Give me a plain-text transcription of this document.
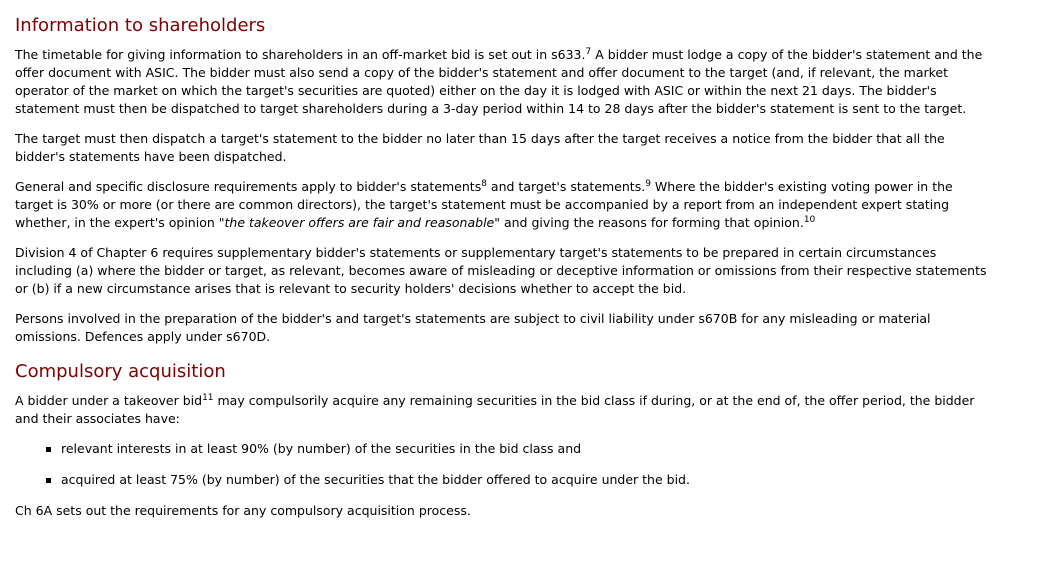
Information to shareholders

The timetable for giving information to shareholders in an off-market bid is set out in s633.$^7$ A bidder must lodge a copy of the bidder's statement and the offer document with ASIC. The bidder must also send a copy of the bidder's statement and offer document to the target (and, if relevant, the market operator of the market on which the target's securities are quoted) either on the day it is lodged with ASIC or within the next 21 days. The bidder's statement must then be dispatched to target shareholders during a 3-day period within 14 to 28 days after the bidder's statement is sent to the target.

The target must then dispatch a target's statement to the bidder no later than 15 days after the target receives a notice from the bidder that all the bidder's statements have been dispatched.

General and specific disclosure requirements apply to bidder's statements$^8$ and target's statements.$^9$ Where the bidder's existing voting power in the target is 30% or more (or there are common directors), the target's statement must be accompanied by a report from an independent expert stating whether, in the expert's opinion "the takeover offers are fair and reasonable" and giving the reasons for forming that opinion.$^{10}$

Division 4 of Chapter 6 requires supplementary bidder's statements or supplementary target's statements to be prepared in certain circumstances including (a) where the bidder or target, as relevant, becomes aware of misleading or deceptive information or omissions from their respective statements or (b) if a new circumstance arises that is relevant to security holders' decisions whether to accept the bid.

Persons involved in the preparation of the bidder's and target's statements are subject to civil liability under s670B for any misleading or material omissions. Defences apply under s670D.

Compulsory acquisition

A bidder under a takeover bid$^{11}$ may compulsorily acquire any remaining securities in the bid class if during, or at the end of, the offer period, the bidder and their associates have:

relevant interests in at least 90% (by number) of the securities in the bid class and
acquired at least 75% (by number) of the securities that the bidder offered to acquire under the bid.

Ch 6A sets out the requirements for any compulsory acquisition process.
